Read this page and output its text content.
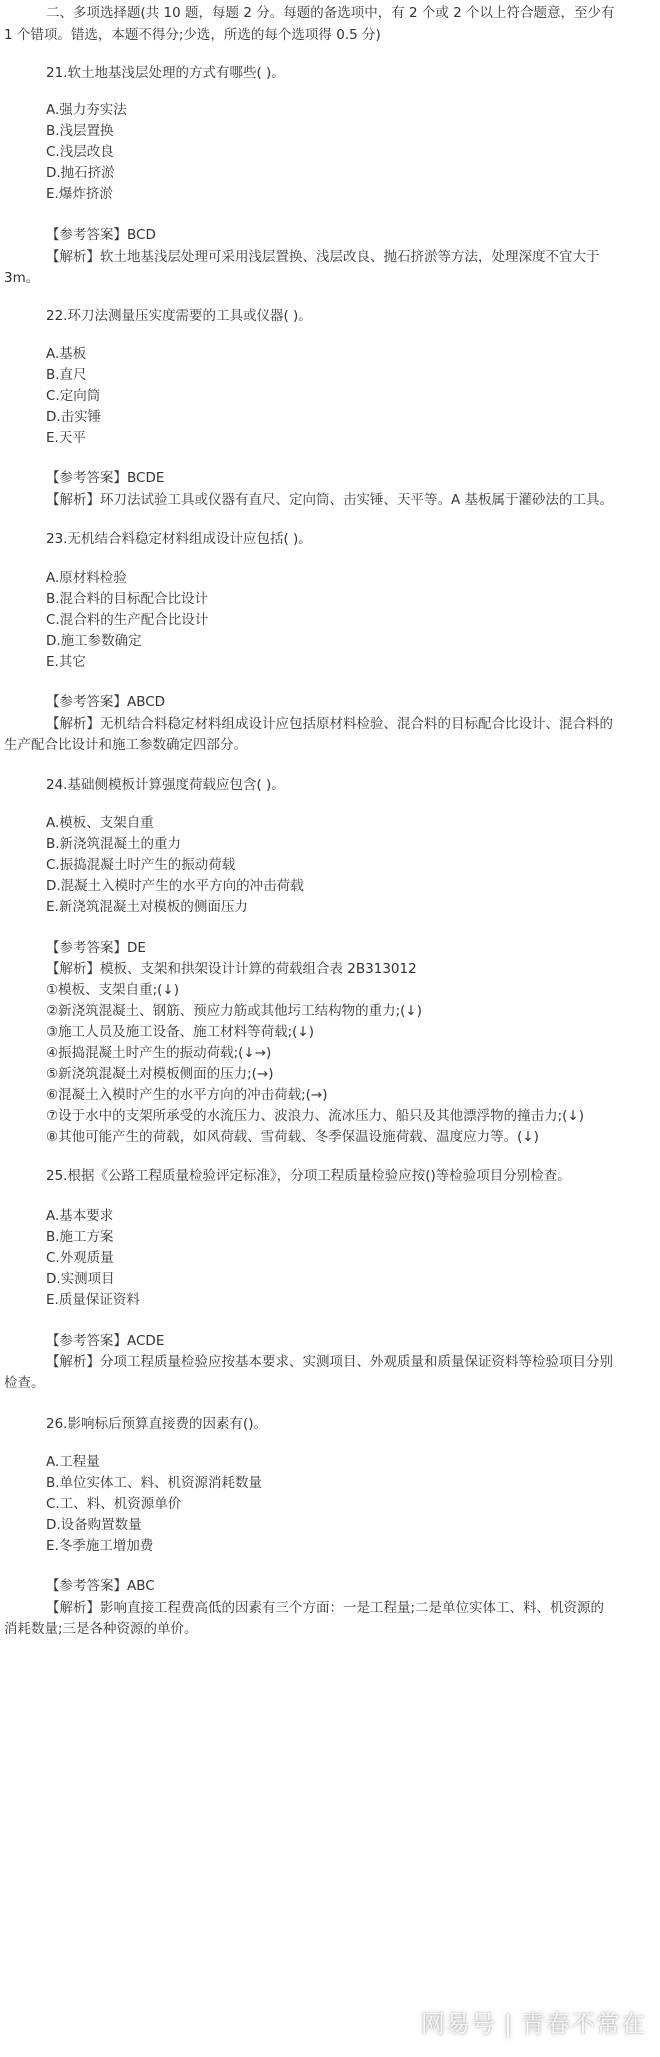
二、多项选择题(共 10 题，每题 2 分。每题的备选项中，有 2 个或 2 个以上符合题意，至少有
1 个错项。错选，本题不得分;少选，所选的每个选项得 0.5 分)
21.软土地基浅层处理的方式有哪些( )。
A.强力夯实法
B.浅层置换
C.浅层改良
D.抛石挤淤
E.爆炸挤淤
【参考答案】BCD
【解析】软土地基浅层处理可采用浅层置换、浅层改良、抛石挤淤等方法，处理深度不宜大于
3m。
22.环刀法测量压实度需要的工具或仪器( )。
A.基板
B.直尺
C.定向筒
D.击实锤
E.天平
【参考答案】BCDE
【解析】环刀法试验工具或仪器有直尺、定向筒、击实锤、天平等。A 基板属于灌砂法的工具。
23.无机结合料稳定材料组成设计应包括( )。
A.原材料检验
B.混合料的目标配合比设计
C.混合料的生产配合比设计
D.施工参数确定
E.其它
【参考答案】ABCD
【解析】无机结合料稳定材料组成设计应包括原材料检验、混合料的目标配合比设计、混合料的
生产配合比设计和施工参数确定四部分。
24.基础侧模板计算强度荷载应包含( )。
A.模板、支架自重
B.新浇筑混凝土的重力
C.振捣混凝土时产生的振动荷载
D.混凝土入模时产生的水平方向的冲击荷载
E.新浇筑混凝土对模板的侧面压力
【参考答案】DE
【解析】模板、支架和拱架设计计算的荷载组合表 2B313012
①模板、支架自重;(↓)
②新浇筑混凝土、钢筋、预应力筋或其他圬工结构物的重力;(↓)
③施工人员及施工设备、施工材料等荷载;(↓)
④振捣混凝土时产生的振动荷载;(↓→)
⑤新浇筑混凝土对模板侧面的压力;(→)
⑥混凝土入模时产生的水平方向的冲击荷载;(→)
⑦设于水中的支架所承受的水流压力、波浪力、流冰压力、船只及其他漂浮物的撞击力;(↓)
⑧其他可能产生的荷载，如风荷载、雪荷载、冬季保温设施荷载、温度应力等。(↓)
25.根据《公路工程质量检验评定标准》，分项工程质量检验应按()等检验项目分别检查。
A.基本要求
B.施工方案
C.外观质量
D.实测项目
E.质量保证资料
【参考答案】ACDE
【解析】分项工程质量检验应按基本要求、实测项目、外观质量和质量保证资料等检验项目分别
检查。
26.影响标后预算直接费的因素有()。
A.工程量
B.单位实体工、料、机资源消耗数量
C.工、料、机资源单价
D.设备购置数量
E.冬季施工增加费
【参考答案】ABC
【解析】影响直接工程费高低的因素有三个方面：一是工程量;二是单位实体工、料、机资源的
消耗数量;三是各种资源的单价。
网易号 | 青春不常在
